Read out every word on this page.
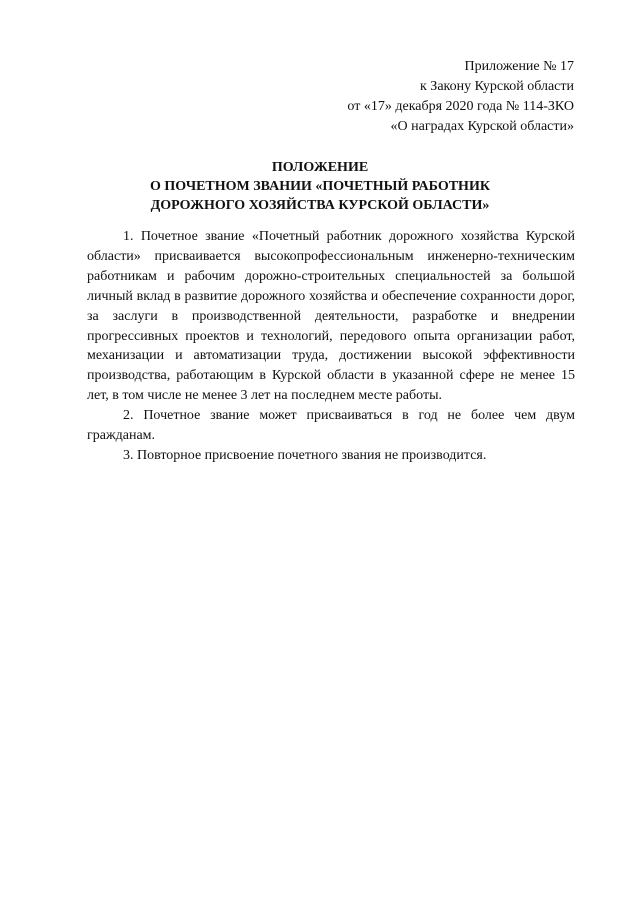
Приложение № 17
к Закону Курской области
от «17» декабря 2020 года № 114-ЗКО
«О наградах Курской области»
ПОЛОЖЕНИЕ
О ПОЧЕТНОМ ЗВАНИИ «ПОЧЕТНЫЙ РАБОТНИК
ДОРОЖНОГО ХОЗЯЙСТВА КУРСКОЙ ОБЛАСТИ»

1. Почетное звание «Почетный работник дорожного хозяйства Курской области» присваивается высокопрофессиональным инженерно-техническим работникам и рабочим дорожно-строительных специальностей за большой личный вклад в развитие дорожного хозяйства и обеспечение сохранности дорог, за заслуги в производственной деятельности, разработке и внедрении прогрессивных проектов и технологий, передового опыта организации работ, механизации и автоматизации труда, достижении высокой эффективности производства, работающим в Курской области в указанной сфере не менее 15 лет, в том числе не менее 3 лет на последнем месте работы.

2. Почетное звание может присваиваться в год не более чем двум гражданам.

3. Повторное присвоение почетного звания не производится.
